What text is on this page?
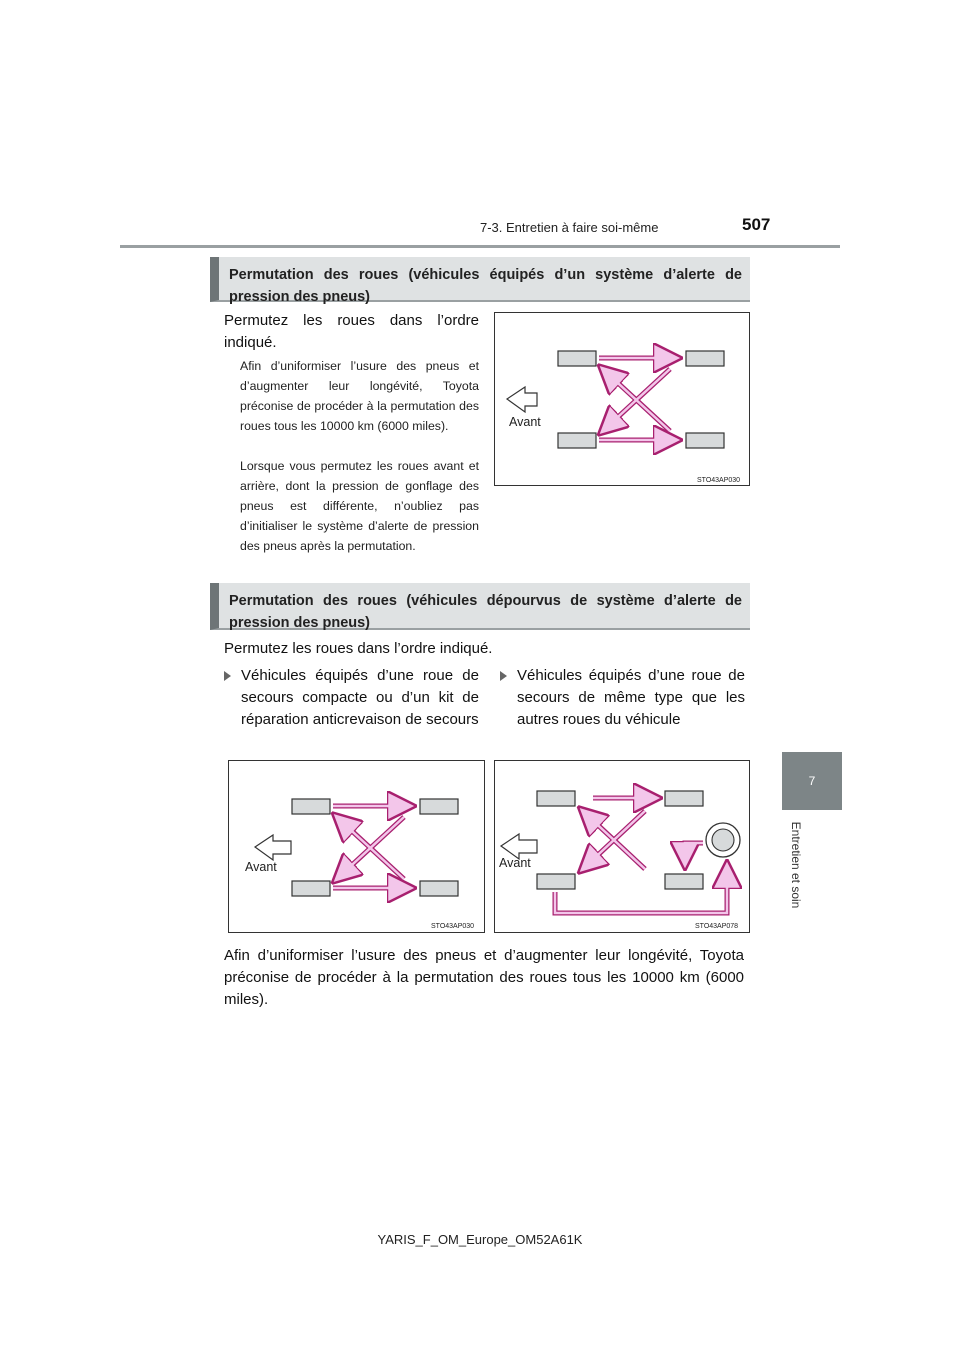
7-3. Entretien à faire soi-même	507
7
Entretien et soin
Permutation des roues (véhicules équipés d’un système d’alerte de pression des pneus)
Permutez les roues dans l’ordre indiqué.
Afin d’uniformiser l’usure des pneus et d’augmenter leur longévité, Toyota préconise de procéder à la permutation des roues tous les 10000 km (6000 miles).
Lorsque vous permutez les roues avant et arrière, dont la pression de gonflage des pneus est différente, n’oubliez pas d’initialiser le système d’alerte de pression des pneus après la permutation.
Avant
STO43AP030
Permutation des roues (véhicules dépourvus de système d’alerte de pression des pneus)
Permutez les roues dans l’ordre indiqué.
Véhicules équipés d’une roue de secours compacte ou d’un kit de réparation anticrevaison de secours
Véhicules équipés d’une roue de secours de même type que les autres roues du véhicule
Avant
STO43AP030
Avant
STO43AP078
Afin d’uniformiser l’usure des pneus et d’augmenter leur longévité, Toyota préconise de procéder à la permutation des roues tous les 10000 km (6000 miles).
YARIS_F_OM_Europe_OM52A61K
